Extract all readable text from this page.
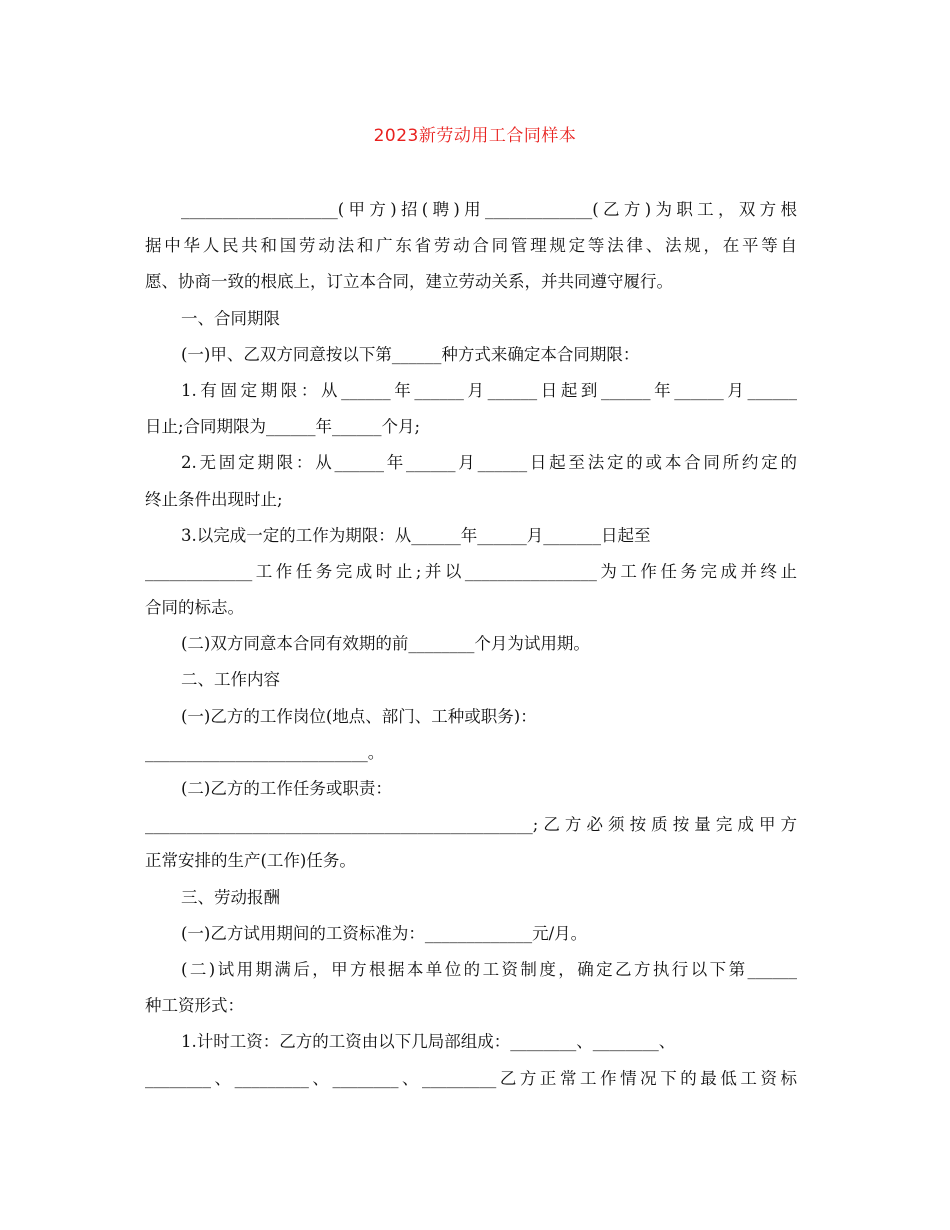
2023新劳动用工合同样本
___________________(甲方)招(聘)用_____________(乙方)为职工，双方根
据中华人民共和国劳动法和广东省劳动合同管理规定等法律、法规，在平等自
愿、协商一致的根底上，订立本合同，建立劳动关系，并共同遵守履行。
一、合同期限
(一)甲、乙双方同意按以下第______种方式来确定本合同期限：
1.有固定期限：从______年______月______日起到______年______月______
日止;合同期限为______年______个月;
2.无固定期限：从______年______月______日起至法定的或本合同所约定的
终止条件出现时止;
3.以完成一定的工作为期限：从______年______月_______日起至
_____________工作任务完成时止;并以________________为工作任务完成并终止
合同的标志。
(二)双方同意本合同有效期的前________个月为试用期。
二、工作内容
(一)乙方的工作岗位(地点、部门、工种或职务)：
___________________________。
(二)乙方的工作任务或职责：
_______________________________________________;乙方必须按质按量完成甲方
正常安排的生产(工作)任务。
三、劳动报酬
(一)乙方试用期间的工资标准为：_____________元/月。
(二)试用期满后，甲方根据本单位的工资制度，确定乙方执行以下第______
种工资形式：
1.计时工资：乙方的工资由以下几局部组成：________、________、
________、_________、________、_________乙方正常工作情况下的最低工资标
